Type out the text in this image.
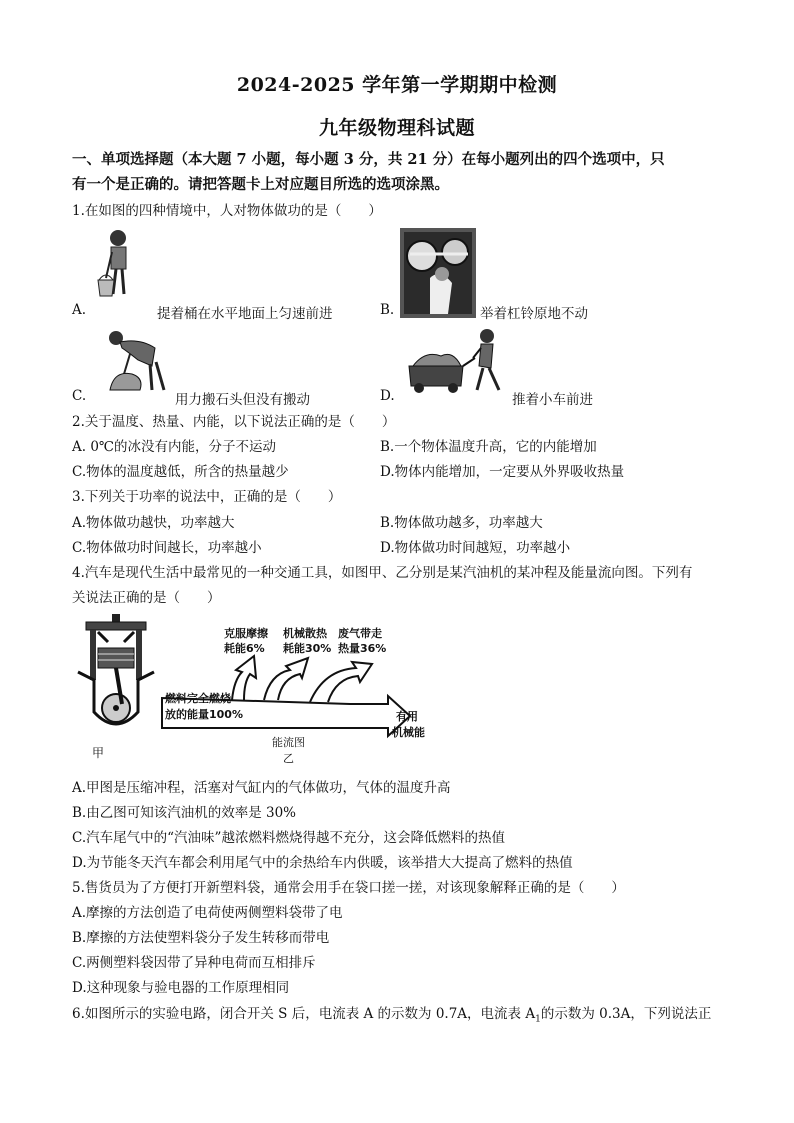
2024-2025 学年第一学期期中检测
九年级物理科试题
一、单项选择题（本大题 7 小题，每小题 3 分，共 21 分）在每小题列出的四个选项中，只
有一个是正确的。请把答题卡上对应题目所选的选项涂黑。
1.在如图的四种情境中，人对物体做功的是（　　）
A.	提着桶在水平地面上匀速前进	B.	举着杠铃原地不动
C.	用力搬石头但没有搬动	D.	推着小车前进
2.关于温度、热量、内能，以下说法正确的是（　　）
A. 0℃的冰没有内能，分子不运动	B.一个物体温度升高，它的内能增加
C.物体的温度越低，所含的热量越少	D.物体内能增加，一定要从外界吸收热量
3.下列关于功率的说法中，正确的是（　　）
A.物体做功越快，功率越大	B.物体做功越多，功率越大
C.物体做功时间越长，功率越小	D.物体做功时间越短，功率越小
4.汽车是现代生活中最常见的一种交通工具，如图甲、乙分别是某汽油机的某冲程及能量流向图。下列有
关说法正确的是（　　）
甲
克服摩擦
耗能6%
机械散热
耗能30%
废气带走
热量36%
燃料完全燃烧
放的能量100%	有用
机械能
能流图
乙
A.甲图是压缩冲程，活塞对气缸内的气体做功，气体的温度升高
B.由乙图可知该汽油机的效率是 30%
C.汽车尾气中的“汽油味”越浓燃料燃烧得越不充分，这会降低燃料的热值
D.为节能冬天汽车都会利用尾气中的余热给车内供暖，该举措大大提高了燃料的热值
5.售货员为了方便打开新塑料袋，通常会用手在袋口搓一搓，对该现象解释正确的是（　　）
A.摩擦的方法创造了电荷使两侧塑料袋带了电
B.摩擦的方法使塑料袋分子发生转移而带电
C.两侧塑料袋因带了异种电荷而互相排斥
D.这种现象与验电器的工作原理相同
6.如图所示的实验电路，闭合开关 S 后，电流表 A 的示数为 0.7A，电流表 $A_1$的示数为 0.3A，下列说法正
